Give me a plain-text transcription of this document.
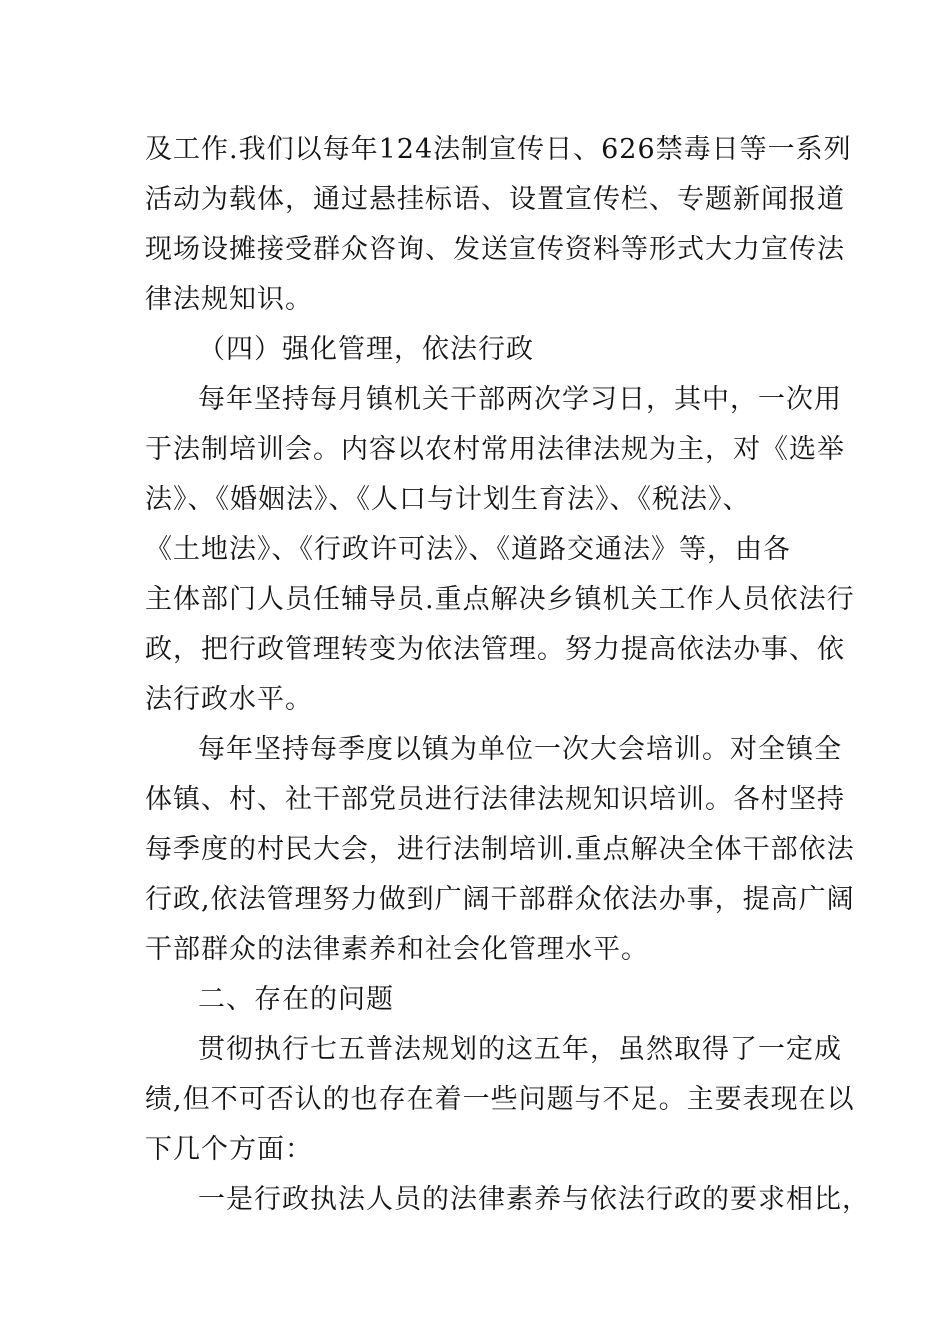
及工作.我们以每年124法制宣传日、626禁毒日等一系列
活动为载体，通过悬挂标语、设置宣传栏、专题新闻报道
现场设摊接受群众咨询、发送宣传资料等形式大力宣传法
律法规知识。
（四）强化管理，依法行政
每年坚持每月镇机关干部两次学习日，其中，一次用
于法制培训会。内容以农村常用法律法规为主，对《选举
法》、《婚姻法》、《人口与计划生育法》、《税法》、
《土地法》、《行政许可法》、《道路交通法》等，由各
主体部门人员任辅导员.重点解决乡镇机关工作人员依法行
政，把行政管理转变为依法管理。努力提高依法办事、依
法行政水平。
每年坚持每季度以镇为单位一次大会培训。对全镇全
体镇、村、社干部党员进行法律法规知识培训。各村坚持
每季度的村民大会，进行法制培训.重点解决全体干部依法
行政,依法管理努力做到广阔干部群众依法办事，提高广阔
干部群众的法律素养和社会化管理水平。
二、存在的问题
贯彻执行七五普法规划的这五年，虽然取得了一定成
绩,但不可否认的也存在着一些问题与不足。主要表现在以
下几个方面：
一是行政执法人员的法律素养与依法行政的要求相比，
